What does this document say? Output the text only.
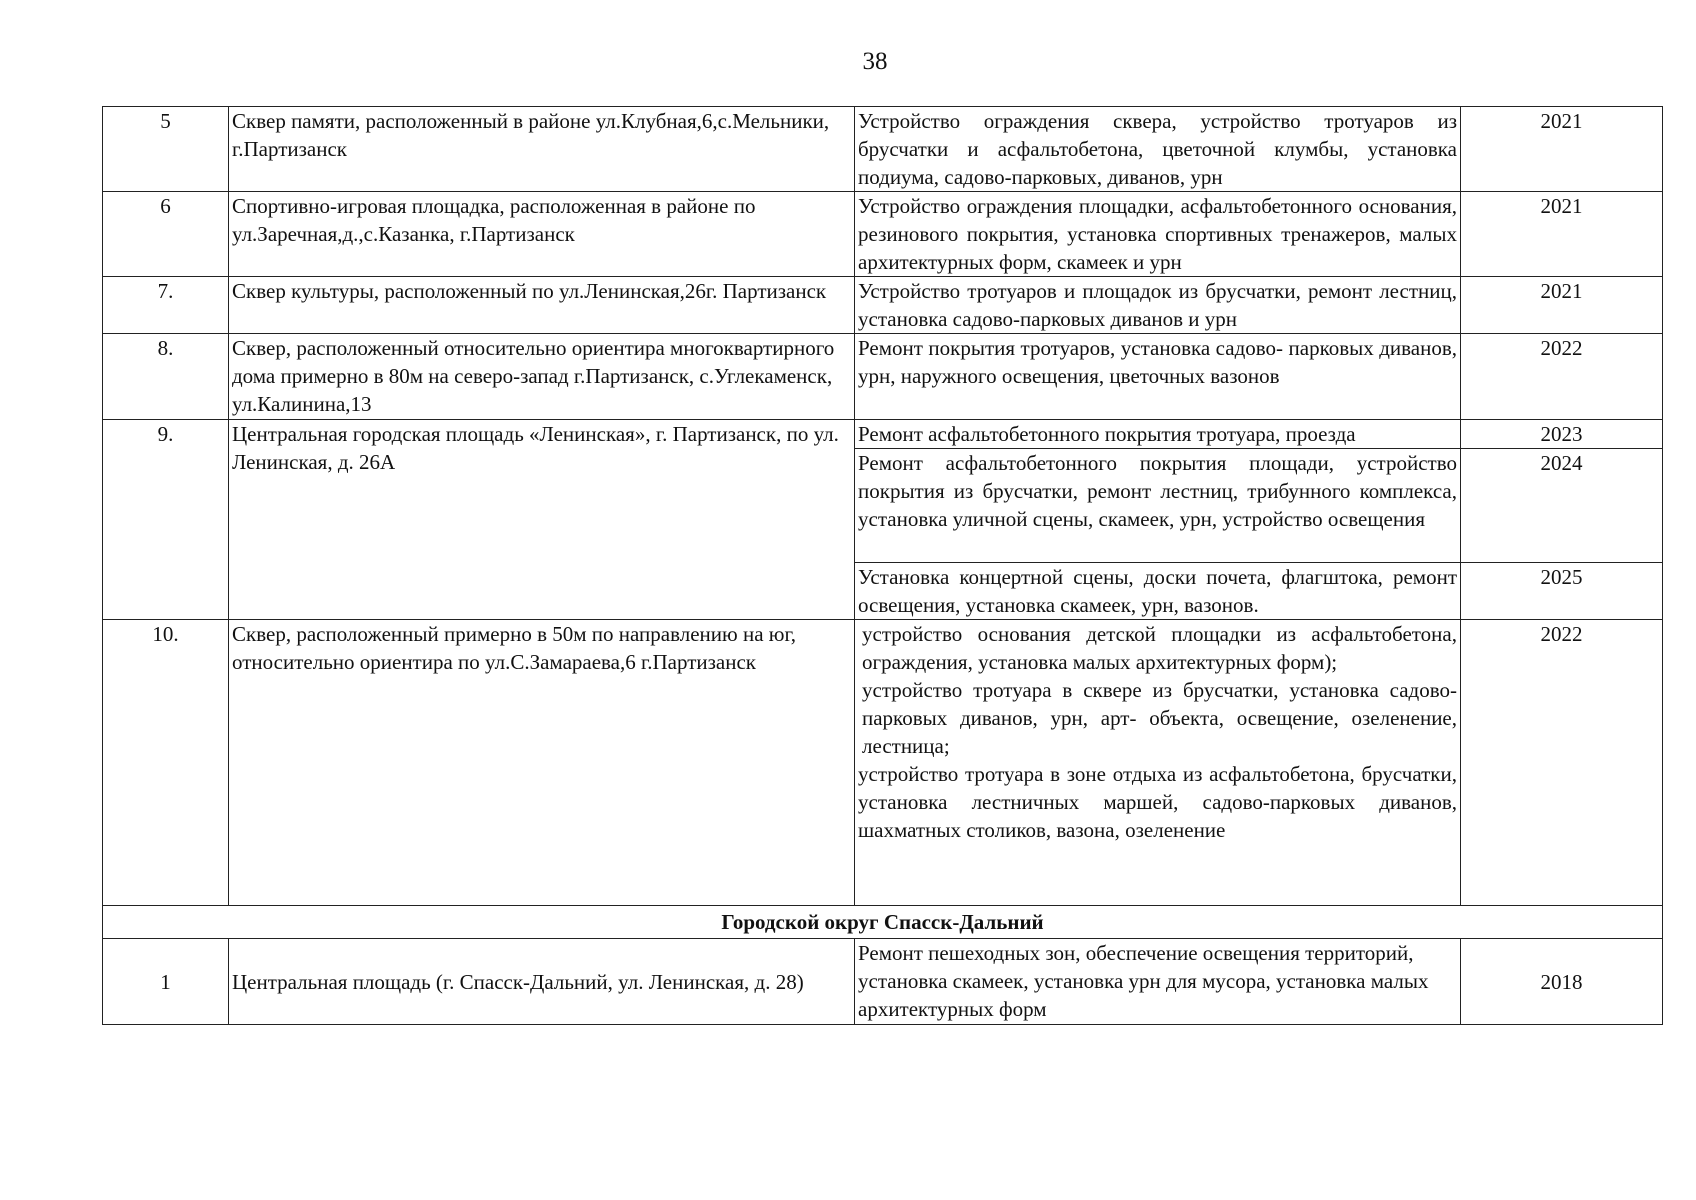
38
5	Сквер памяти, расположенный в районе ул.Клубная,6,с.Мельники, г.Партизанск	Устройство ограждения сквера, устройство тротуаров из брусчатки и асфальтобетона, цветочной клумбы, установка подиума, садово-парковых, диванов, урн	2021
6	Спортивно-игровая площадка, расположенная в районе по ул.Заречная,д.,с.Казанка, г.Партизанск	Устройство ограждения площадки, асфальтобетонного основания, резинового покрытия, установка спортивных тренажеров, малых архитектурных форм, скамеек и урн	2021
7.	Сквер культуры, расположенный по ул.Ленинская,26г. Партизанск	Устройство тротуаров и площадок из брусчатки, ремонт лестниц, установка садово-парковых диванов и урн	2021
8.	Сквер, расположенный относительно ориентира многоквартирного дома примерно в 80м на северо-запад г.Партизанск, с.Углекаменск, ул.Калинина,13	Ремонт покрытия тротуаров, установка садово- парковых диванов, урн, наружного освещения, цветочных вазонов	2022
9.	Центральная городская площадь «Ленинская», г. Партизанск, по ул. Ленинская, д. 26А	Ремонт асфальтобетонного покрытия тротуара, проезда	2023
		Ремонт асфальтобетонного покрытия площади, устройство покрытия из брусчатки, ремонт лестниц, трибунного комплекса, установка уличной сцены, скамеек, урн, устройство освещения	2024
		Установка концертной сцены, доски почета, флагштока, ремонт освещения, установка скамеек, урн, вазонов.	2025
10.	Сквер, расположенный примерно в 50м по направлению на юг, относительно ориентира по ул.С.Замараева,6 г.Партизанск	устройство основания детской площадки из асфальтобетона, ограждения, установка малых архитектурных форм);
устройство тротуара в сквере из брусчатки, установка садово-парковых диванов, урн, арт- объекта, освещение, озеленение, лестница;
устройство тротуара в зоне отдыха из асфальтобетона, брусчатки, установка лестничных маршей, садово-парковых диванов, шахматных столиков, вазона, озеленение	2022
Городской округ Спасск-Дальний			
1	Центральная площадь (г. Спасск-Дальний, ул. Ленинская, д. 28)	Ремонт пешеходных зон, обеспечение освещения территорий, установка скамеек, установка урн для мусора, установка малых архитектурных форм	2018
